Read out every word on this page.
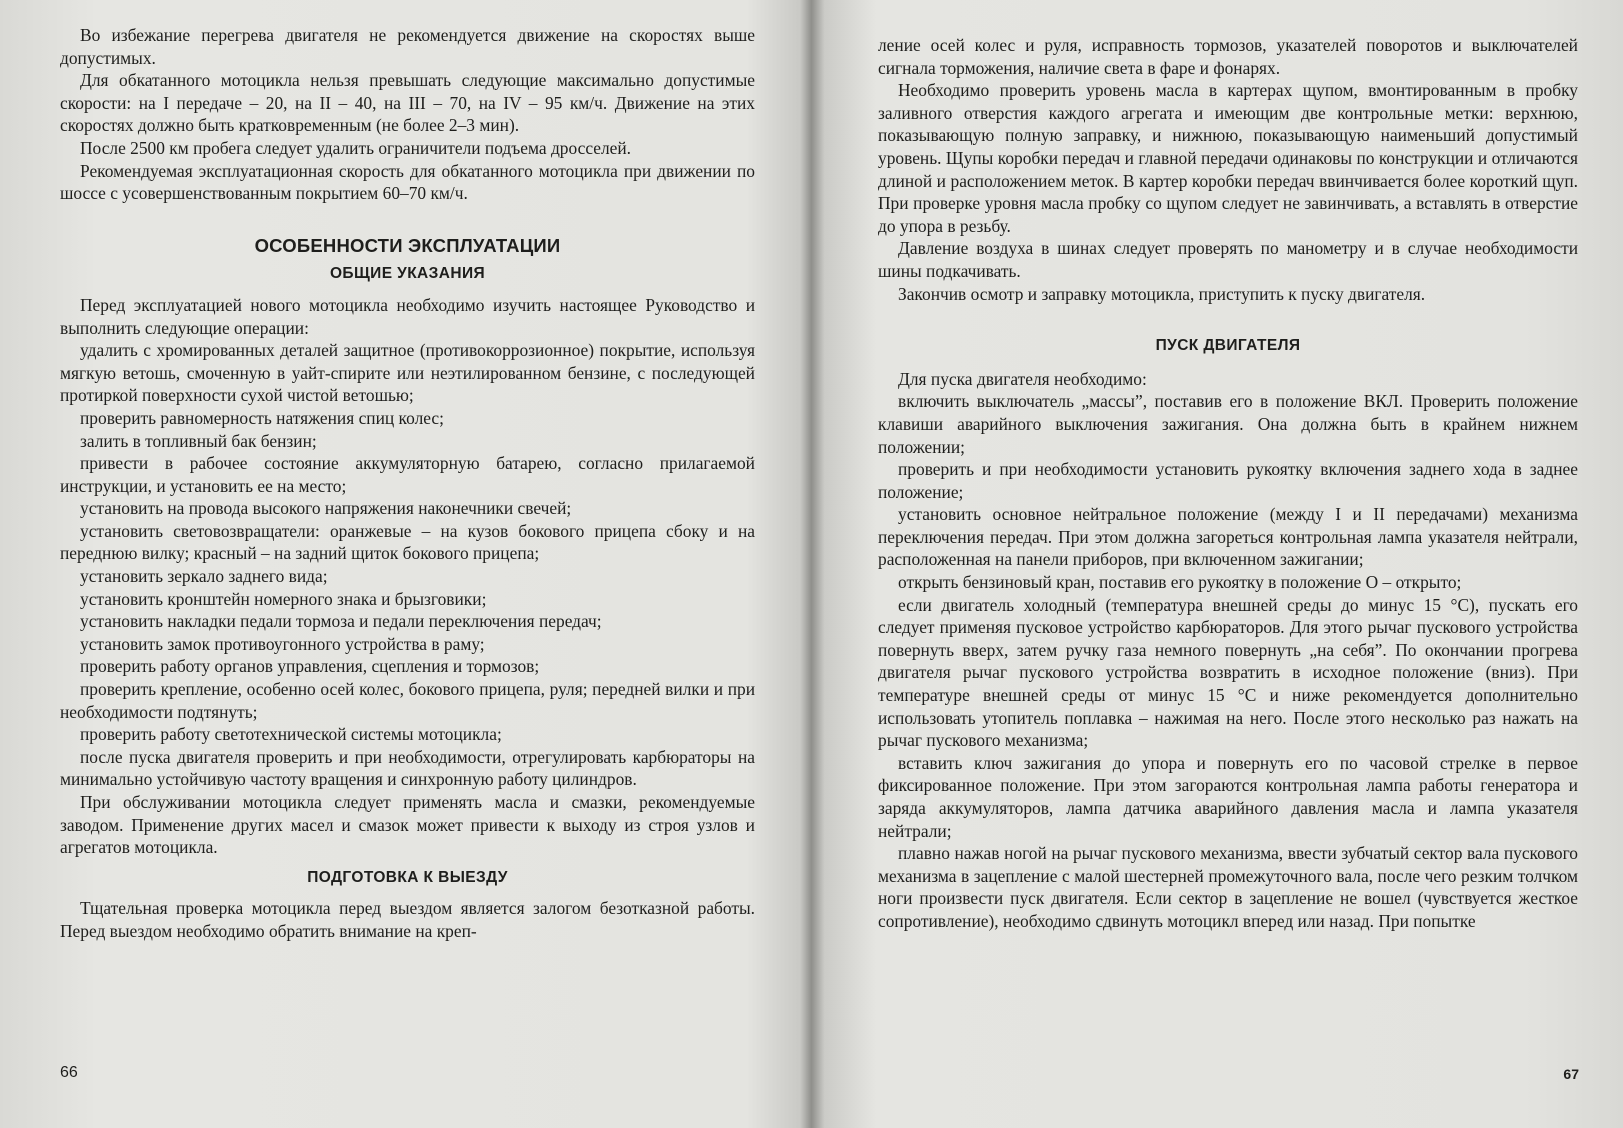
Во избежание перегрева двигателя не рекомендуется движение на скоростях выше допустимых.

Для обкатанного мотоцикла нельзя превышать следующие максимально допустимые скорости: на I передаче – 20, на II – 40, на III – 70, на IV – 95 км/ч. Движение на этих скоростях должно быть кратковременным (не более 2–3 мин).

После 2500 км пробега следует удалить ограничители подъема дросселей.

Рекомендуемая эксплуатационная скорость для обкатанного мотоцикла при движении по шоссе с усовершенствованным покрытием 60–70 км/ч.

ОСОБЕННОСТИ ЭКСПЛУАТАЦИИ
ОБЩИЕ УКАЗАНИЯ

Перед эксплуатацией нового мотоцикла необходимо изучить настоящее Руководство и выполнить следующие операции:

удалить с хромированных деталей защитное (противокоррозионное) покрытие, используя мягкую ветошь, смоченную в уайт-спирите или неэтилированном бензине, с последующей протиркой поверхности сухой чистой ветошью;

проверить равномерность натяжения спиц колес;

залить в топливный бак бензин;

привести в рабочее состояние аккумуляторную батарею, согласно прилагаемой инструкции, и установить ее на место;

установить на провода высокого напряжения наконечники свечей;

установить световозвращатели: оранжевые – на кузов бокового прицепа сбоку и на переднюю вилку; красный – на задний щиток бокового прицепа;

установить зеркало заднего вида;

установить кронштейн номерного знака и брызговики;

установить накладки педали тормоза и педали переключения передач;

установить замок противоугонного устройства в раму;

проверить работу органов управления, сцепления и тормозов;

проверить крепление, особенно осей колес, бокового прицепа, руля; передней вилки и при необходимости подтянуть;

проверить работу светотехнической системы мотоцикла;

после пуска двигателя проверить и при необходимости, отрегулировать карбюраторы на минимально устойчивую частоту вращения и синхронную работу цилиндров.

При обслуживании мотоцикла следует применять масла и смазки, рекомендуемые заводом. Применение других масел и смазок может привести к выходу из строя узлов и агрегатов мотоцикла.

ПОДГОТОВКА К ВЫЕЗДУ

Тщательная проверка мотоцикла перед выездом является залогом безотказной работы. Перед выездом необходимо обратить внимание на креп-

66

ление осей колес и руля, исправность тормозов, указателей поворотов и выключателей сигнала торможения, наличие света в фаре и фонарях.

Необходимо проверить уровень масла в картерах щупом, вмонтированным в пробку заливного отверстия каждого агрегата и имеющим две контрольные метки: верхнюю, показывающую полную заправку, и нижнюю, показывающую наименьший допустимый уровень. Щупы коробки передач и главной передачи одинаковы по конструкции и отличаются длиной и расположением меток. В картер коробки передач ввинчивается более короткий щуп. При проверке уровня масла пробку со щупом следует не завинчивать, а вставлять в отверстие до упора в резьбу.

Давление воздуха в шинах следует проверять по манометру и в случае необходимости шины подкачивать.

Закончив осмотр и заправку мотоцикла, приступить к пуску двигателя.

ПУСК ДВИГАТЕЛЯ

Для пуска двигателя необходимо:

включить выключатель „массы”, поставив его в положение ВКЛ. Проверить положение клавиши аварийного выключения зажигания. Она должна быть в крайнем нижнем положении;

проверить и при необходимости установить рукоятку включения заднего хода в заднее положение;

установить основное нейтральное положение (между I и II передачами) механизма переключения передач. При этом должна загореться контрольная лампа указателя нейтрали, расположенная на панели приборов, при включенном зажигании;

открыть бензиновый кран, поставив его рукоятку в положение О – открыто;

если двигатель холодный (температура внешней среды до минус 15 °С), пускать его следует применяя пусковое устройство карбюраторов. Для этого рычаг пускового устройства повернуть вверх, затем ручку газа немного повернуть „на себя”. По окончании прогрева двигателя рычаг пускового устройства возвратить в исходное положение (вниз). При температуре внешней среды от минус 15 °С и ниже рекомендуется дополнительно использовать утопитель поплавка – нажимая на него. После этого несколько раз нажать на рычаг пускового механизма;

вставить ключ зажигания до упора и повернуть его по часовой стрелке в первое фиксированное положение. При этом загораются контрольная лампа работы генератора и заряда аккумуляторов, лампа датчика аварийного давления масла и лампа указателя нейтрали;

плавно нажав ногой на рычаг пускового механизма, ввести зубчатый сектор вала пускового механизма в зацепление с малой шестерней промежуточного вала, после чего резким толчком ноги произвести пуск двигателя. Если сектор в зацепление не вошел (чувствуется жесткое сопротивление), необходимо сдвинуть мотоцикл вперед или назад. При попытке

67
